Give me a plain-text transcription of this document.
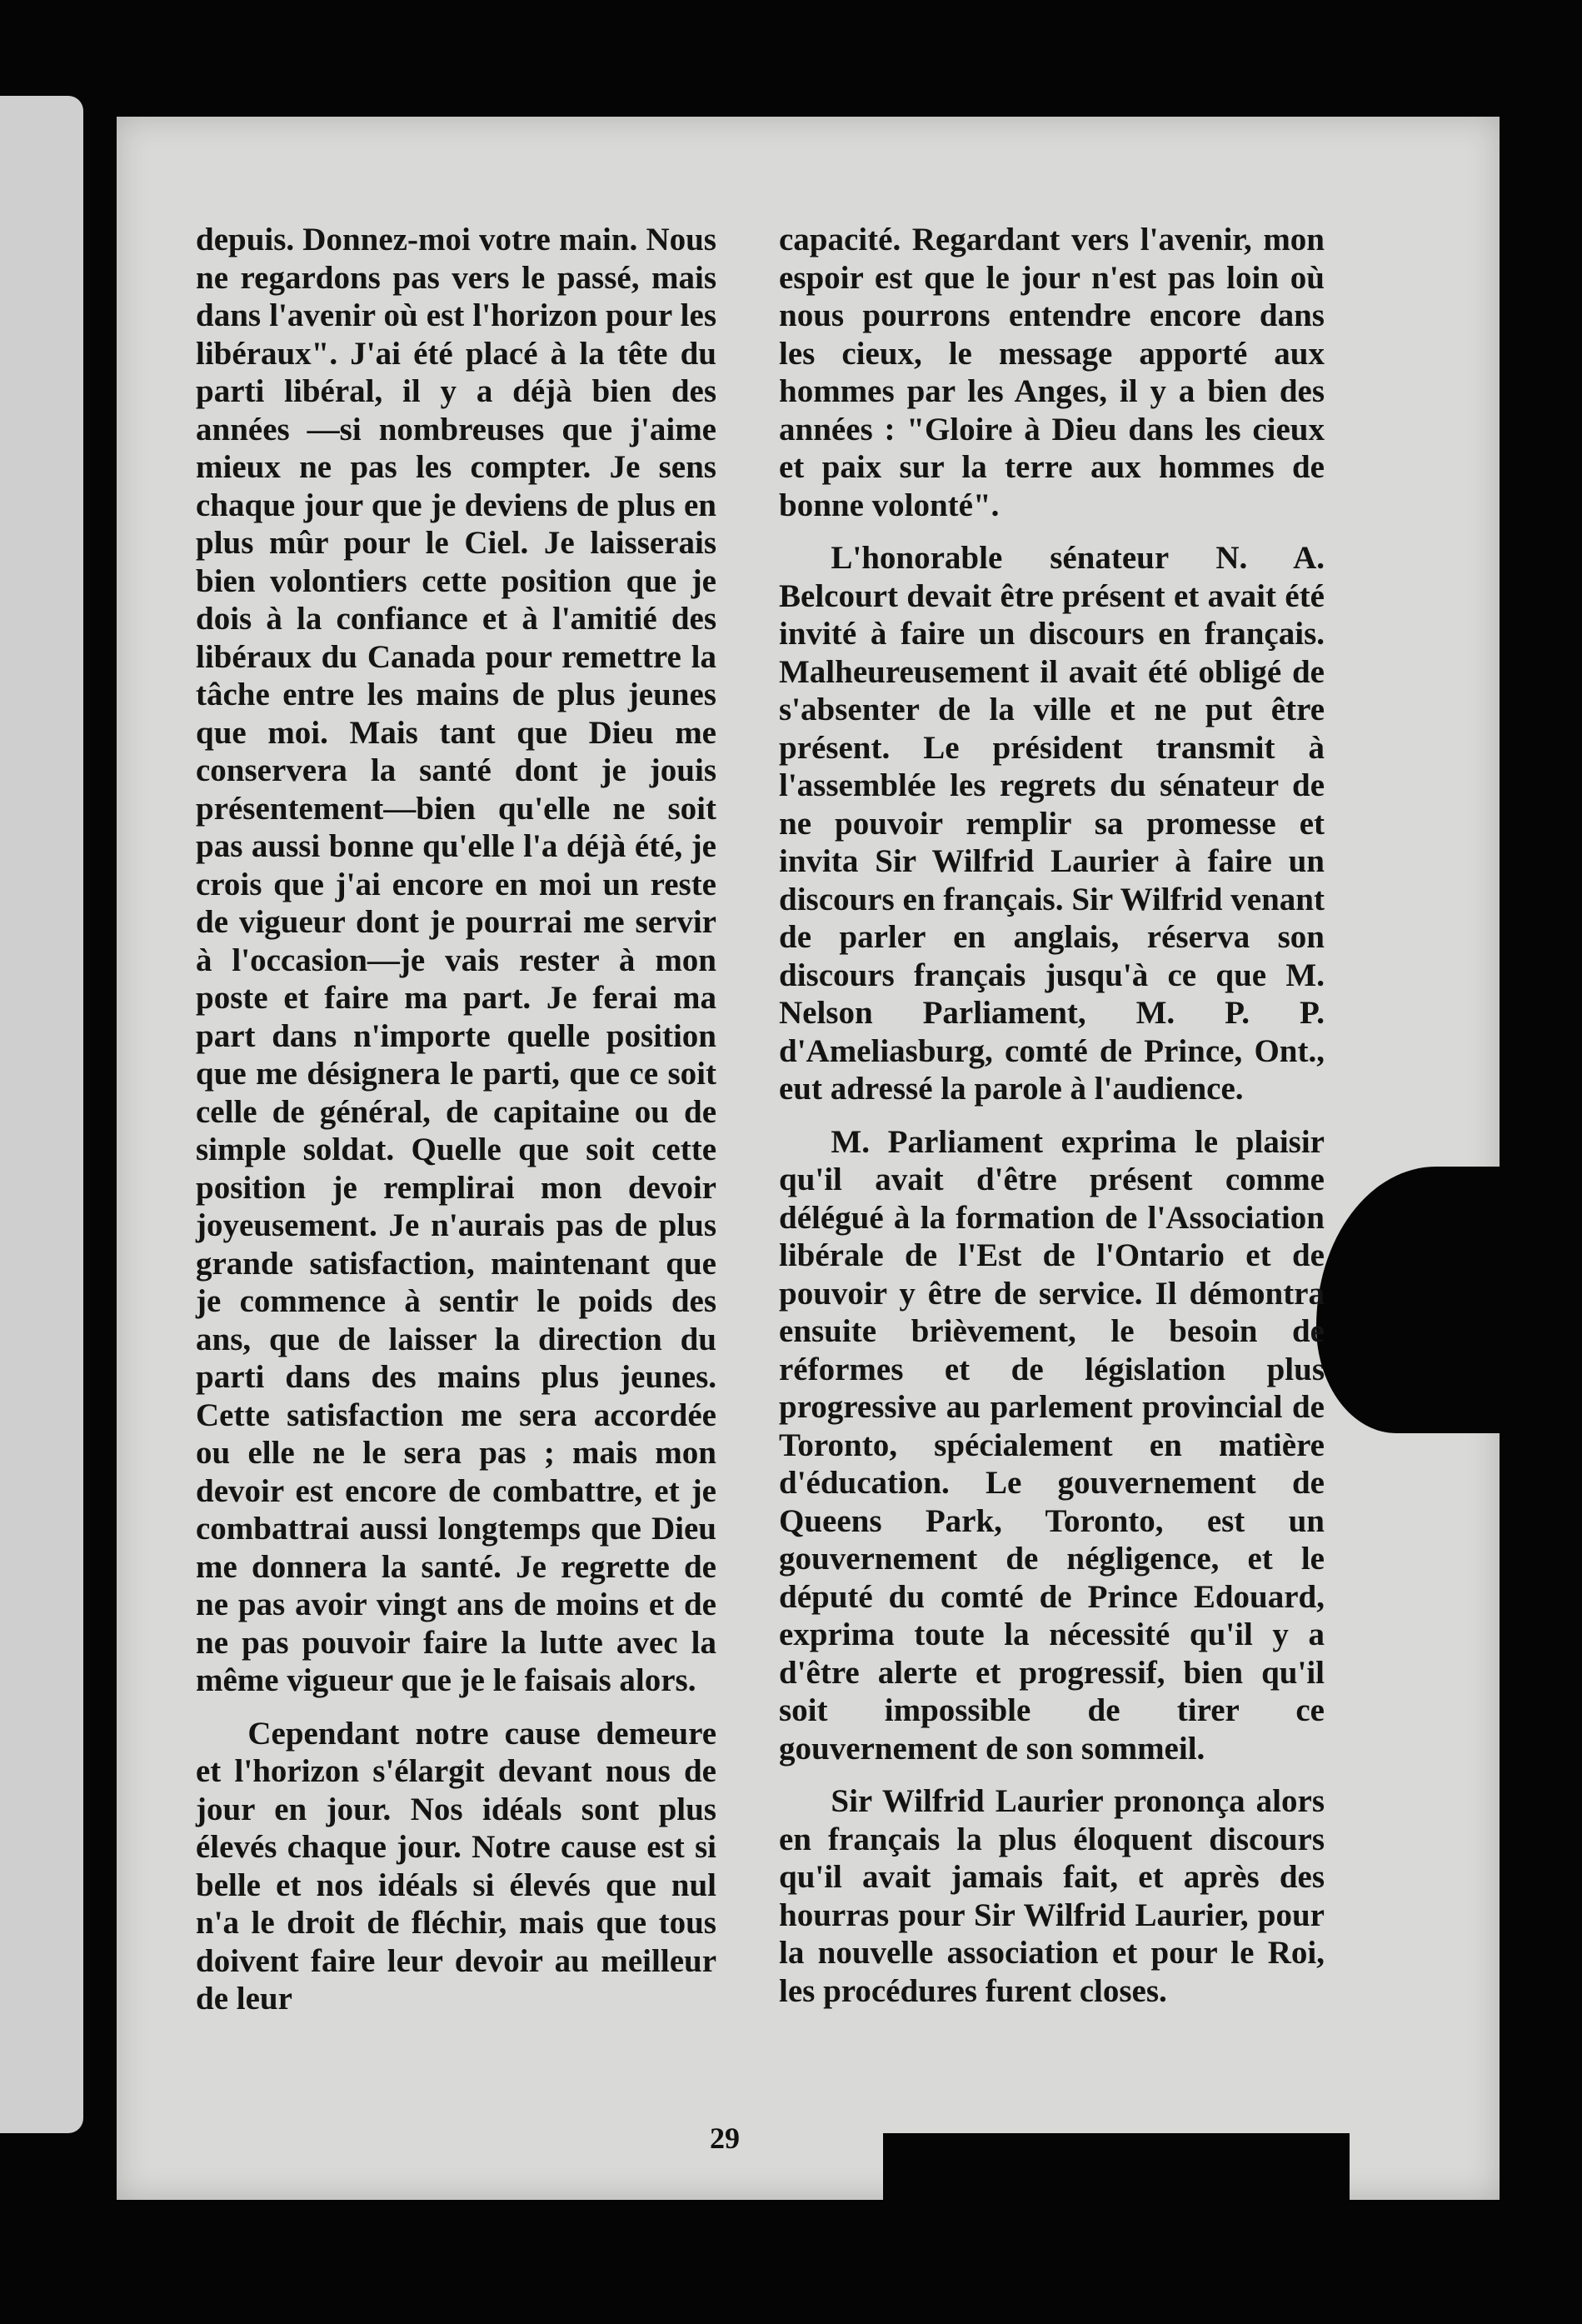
depuis. Donnez-moi votre main. Nous ne regardons pas vers le passé, mais dans l'avenir où est l'horizon pour les libéraux". J'ai été placé à la tête du parti libéral, il y a déjà bien des années —si nombreuses que j'aime mieux ne pas les compter. Je sens chaque jour que je deviens de plus en plus mûr pour le Ciel. Je laisserais bien volontiers cette position que je dois à la confiance et à l'amitié des libéraux du Canada pour remettre la tâche entre les mains de plus jeunes que moi. Mais tant que Dieu me conservera la santé dont je jouis présentement—bien qu'elle ne soit pas aussi bonne qu'elle l'a déjà été, je crois que j'ai encore en moi un reste de vigueur dont je pourrai me servir à l'occasion—je vais rester à mon poste et faire ma part. Je ferai ma part dans n'importe quelle position que me désignera le parti, que ce soit celle de général, de capitaine ou de simple soldat. Quelle que soit cette position je remplirai mon devoir joyeusement. Je n'aurais pas de plus grande satisfaction, maintenant que je commence à sentir le poids des ans, que de laisser la direction du parti dans des mains plus jeunes. Cette satisfaction me sera accordée ou elle ne le sera pas ; mais mon devoir est encore de combattre, et je combattrai aussi longtemps que Dieu me donnera la santé. Je regrette de ne pas avoir vingt ans de moins et de ne pas pouvoir faire la lutte avec la même vigueur que je le faisais alors.

Cependant notre cause demeure et l'horizon s'élargit devant nous de jour en jour. Nos idéals sont plus élevés chaque jour. Notre cause est si belle et nos idéals si élevés que nul n'a le droit de fléchir, mais que tous doivent faire leur devoir au meilleur de leur

capacité. Regardant vers l'avenir, mon espoir est que le jour n'est pas loin où nous pourrons entendre encore dans les cieux, le message apporté aux hommes par les Anges, il y a bien des années : "Gloire à Dieu dans les cieux et paix sur la terre aux hommes de bonne volonté".

L'honorable sénateur N. A. Belcourt devait être présent et avait été invité à faire un discours en français. Malheureusement il avait été obligé de s'absenter de la ville et ne put être présent. Le président transmit à l'assemblée les regrets du sénateur de ne pouvoir remplir sa promesse et invita Sir Wilfrid Laurier à faire un discours en français. Sir Wilfrid venant de parler en anglais, réserva son discours français jusqu'à ce que M. Nelson Parliament, M. P. P. d'Ameliasburg, comté de Prince, Ont., eut adressé la parole à l'audience.

M. Parliament exprima le plaisir qu'il avait d'être présent comme délégué à la formation de l'Association libérale de l'Est de l'Ontario et de pouvoir y être de service. Il démontra ensuite brièvement, le besoin de réformes et de législation plus progressive au parlement provincial de Toronto, spécialement en matière d'éducation. Le gouvernement de Queens Park, Toronto, est un gouvernement de négligence, et le député du comté de Prince Edouard, exprima toute la nécessité qu'il y a d'être alerte et progressif, bien qu'il soit impossible de tirer ce gouvernement de son sommeil.

Sir Wilfrid Laurier prononça alors en français la plus éloquent discours qu'il avait jamais fait, et après des hourras pour Sir Wilfrid Laurier, pour la nouvelle association et pour le Roi, les procédures furent closes.

29
